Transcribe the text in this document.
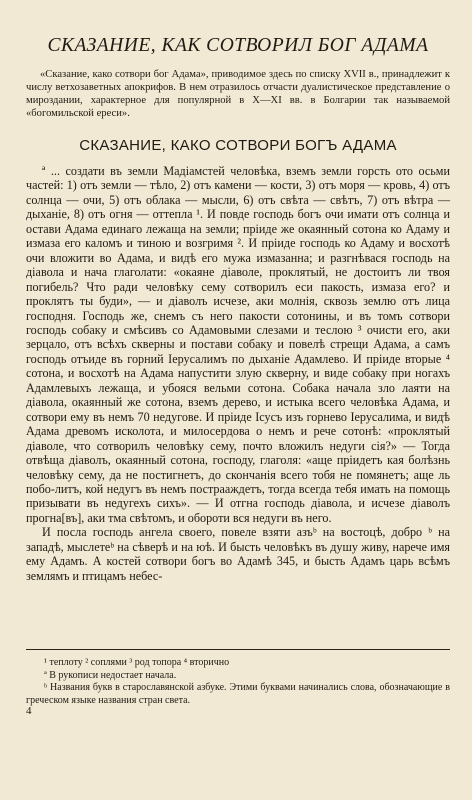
СКАЗАНИЕ, КАК СОТВОРИЛ БОГ АДАМА
«Сказание, како сотвори бог Адама», приводимое здесь по списку XVII в., принадлежит к числу ветхозаветных апокрифов. В нем отразилось отчасти дуалистическое представление о мироздании, характерное для популярной в X—XI вв. в Болгарии так называемой «богомильской ереси».
СКАЗАНИЕ, КАКО СОТВОРИ БОГЪ АДАМА

ª ... создати въ земли Мадіамстей человѣка, вземъ земли горсть ото осьми частей: 1) отъ земли — тѣло, 2) отъ камени — кости, 3) отъ моря — кровь, 4) отъ солнца — очи, 5) отъ облака — мысли, 6) отъ свѣта — свѣтъ, 7) отъ вѣтра — дыханіе, 8) отъ огня — оттепла ¹. И повде господь богъ очи имати отъ солнца и остави Адама единаго лежаща на земли; пріиде же окаянный сотона ко Адаму и измаза его каломъ и тиною и возгримя ². И пріиде господь ко Адаму и восхотѣ очи вложити во Адама, и видѣ его мужа измазанна; и разгнѣвася господь на діавола и нача глаголати: «окаяне діаволе, проклятый, не достоитъ ли твоя погибель? Что ради человѣку сему сотворилъ еси пакость, измаза его? и проклятъ ты буди», — и діаволъ исчезе, аки молнія, сквозь землю отъ лица господня. Господь же, снемъ съ него пакости сотонины, и въ томъ сотвори господь собаку и смѣсивъ со Адамовыми слезами и теслою ³ очисти его, аки зерцало, отъ всѣхъ скверны и постави собаку и повелѣ стрещи Адама, а самъ господь отъиде въ горний Іерусалимъ по дыханіе Адамлево. И пріиде вторые ⁴ сотона, и восхотѣ на Адама напустити злую скверну, и виде собаку при ногахъ Адамлевыхъ лежаща, и убояся вельми сотона. Собака начала зло лаяти на діавола, окаянный же сотона, вземъ дерево, и истыка всего человѣка Адама, и сотвори ему въ немъ 70 недугове. И пріиде Ісусъ изъ горнево Іерусалима, и видѣ Адама древомъ исколота, и милосердова о немъ и рече сотонѣ: «проклятый діаволе, что сотворилъ человѣку сему, почто вложилъ недуги сія?» — Тогда отвѣща діаволъ, окаянный сотона, господу, глаголя: «аще пріидетъ кая болѣзнь человѣку сему, да не постигнетъ, до скончанія всего тобя не помянетъ; аще ль побо-литъ, кой недугъ въ немъ пострааждетъ, тогда всегда тебя имать на помощь призывати въ недугехъ сихъ». — И отгна господь діавола, и исчезе діаволъ прогна[въ], аки тма свѣтомъ, и обороти вся недуги въ него.

И посла господь ангела своего, повеле взяти азъᵇ на востоцѣ, добро ᵇ на западѣ, мыслетеᵇ на сѣверѣ и на юѣ. И бысть человѣкъ въ душу живу, нарече имя ему Адамъ. А костей сотвори богъ во Адамѣ 345, и бысть Адамъ царь всѣмъ землямъ и птицамъ небес-

¹ теплоту ² соплями ³ род топора ⁴ вторично
ª В рукописи недостает начала.
ᵇ Названия букв в старославянской азбуке. Этими буквами начинались слова, обозначающие в греческом языке названия стран света.
4
